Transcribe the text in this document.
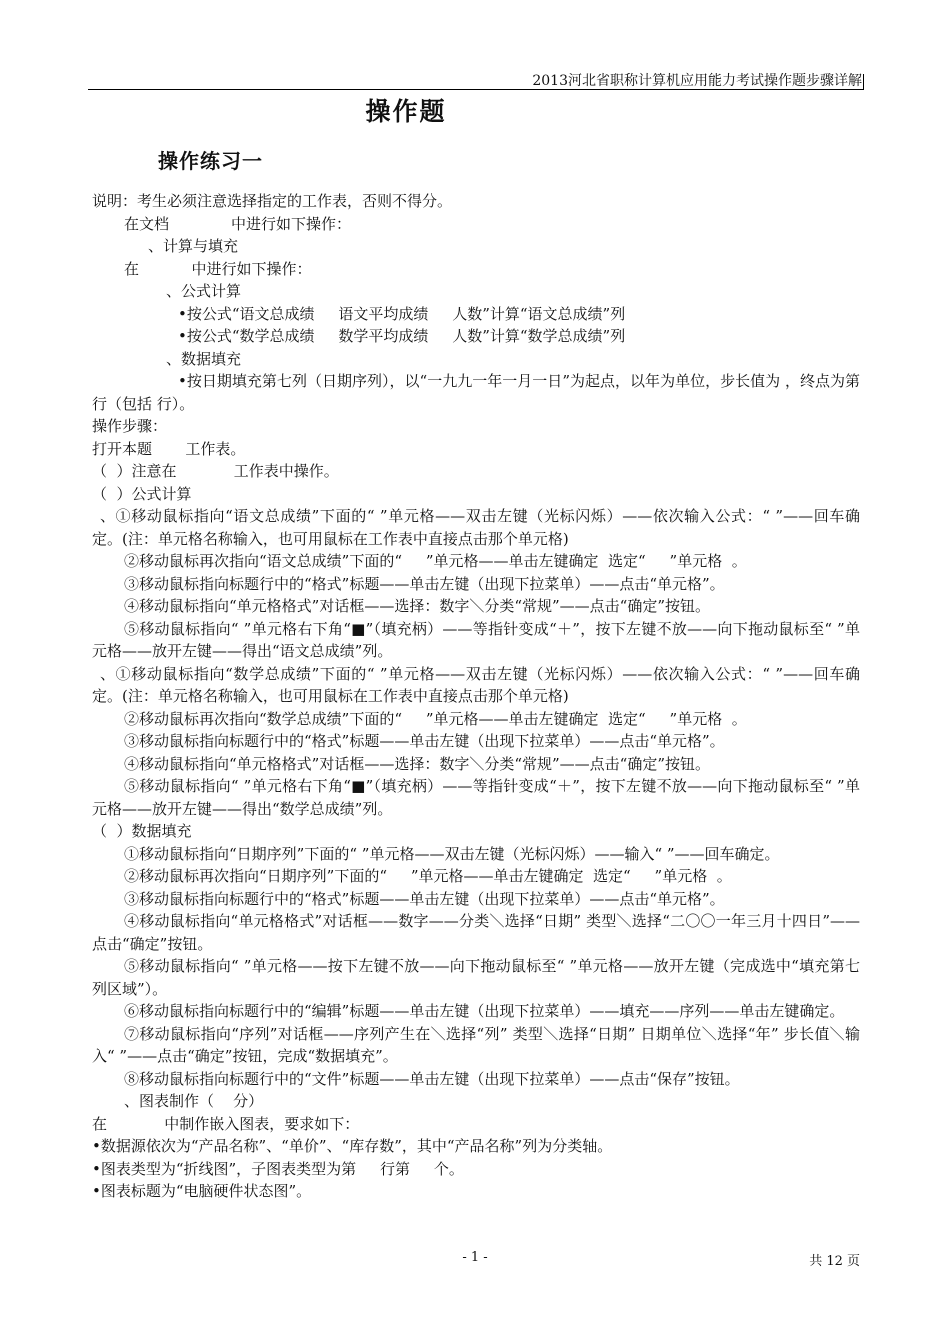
2013河北省职称计算机应用能力考试操作题步骤详解
操作题
操作练习一

说明：考生必须注意选择指定的工作表，否则不得分。

在文档             中进行如下操作：

、计算与填充

在           中进行如下操作：

、公式计算

•按公式“语文总成绩     语文平均成绩     人数”计算“语文总成绩”列

•按公式“数学总成绩     数学平均成绩     人数”计算“数学总成绩”列

、数据填充

•按日期填充第七列（日期序列），以“一九九一年一月一日”为起点，以年为单位，步长值为 ，终点为第 行（包括 行）。

操作步骤：

打开本题       工作表。

（  ）注意在            工作表中操作。

（  ）公式计算

、①移动鼠标指向“语文总成绩”下面的“ ”单元格——双击左键（光标闪烁）——依次输入公式：“ ”——回车确定。(注：单元格名称输入，也可用鼠标在工作表中直接点击那个单元格)

②移动鼠标再次指向“语文总成绩”下面的“     ”单元格——单击左键确定  选定“     ”单元格  。

③移动鼠标指向标题行中的“格式”标题——单击左键（出现下拉菜单）——点击“单元格”。

④移动鼠标指向“单元格格式”对话框——选择：数字＼分类“常规”——点击“确定”按钮。

⑤移动鼠标指向“ ”单元格右下角“■”（填充柄）——等指针变成“＋”，按下左键不放——向下拖动鼠标至“ ”单元格——放开左键——得出“语文总成绩”列。

、①移动鼠标指向“数学总成绩”下面的“ ”单元格——双击左键（光标闪烁）——依次输入公式：“ ”——回车确定。(注：单元格名称输入，也可用鼠标在工作表中直接点击那个单元格)

②移动鼠标再次指向“数学总成绩”下面的“     ”单元格——单击左键确定  选定“     ”单元格  。

③移动鼠标指向标题行中的“格式”标题——单击左键（出现下拉菜单）——点击“单元格”。

④移动鼠标指向“单元格格式”对话框——选择：数字＼分类“常规”——点击“确定”按钮。

⑤移动鼠标指向“ ”单元格右下角“■”（填充柄）——等指针变成“＋”，按下左键不放——向下拖动鼠标至“ ”单元格——放开左键——得出“数学总成绩”列。

（  ）数据填充

①移动鼠标指向“日期序列”下面的“ ”单元格——双击左键（光标闪烁）——输入“ ”——回车确定。

②移动鼠标再次指向“日期序列”下面的“     ”单元格——单击左键确定  选定“     ”单元格  。

③移动鼠标指向标题行中的“格式”标题——单击左键（出现下拉菜单）——点击“单元格”。

④移动鼠标指向“单元格格式”对话框——数字——分类＼选择“日期” 类型＼选择“二〇〇一年三月十四日”——点击“确定”按钮。

⑤移动鼠标指向“ ”单元格——按下左键不放——向下拖动鼠标至“ ”单元格——放开左键（完成选中“填充第七列区域”）。

⑥移动鼠标指向标题行中的“编辑”标题——单击左键（出现下拉菜单）——填充——序列——单击左键确定。

⑦移动鼠标指向“序列”对话框——序列产生在＼选择“列” 类型＼选择“日期” 日期单位＼选择“年” 步长值＼输入“ ”——点击“确定”按钮，完成“数据填充”。

⑧移动鼠标指向标题行中的“文件”标题——单击左键（出现下拉菜单）——点击“保存”按钮。

、图表制作（    分）

在            中制作嵌入图表，要求如下：

•数据源依次为“产品名称”、“单价”、“库存数”，其中“产品名称”列为分类轴。

•图表类型为“折线图”，子图表类型为第     行第     个。

•图表标题为“电脑硬件状态图”。

- 1 -	共 12 页
